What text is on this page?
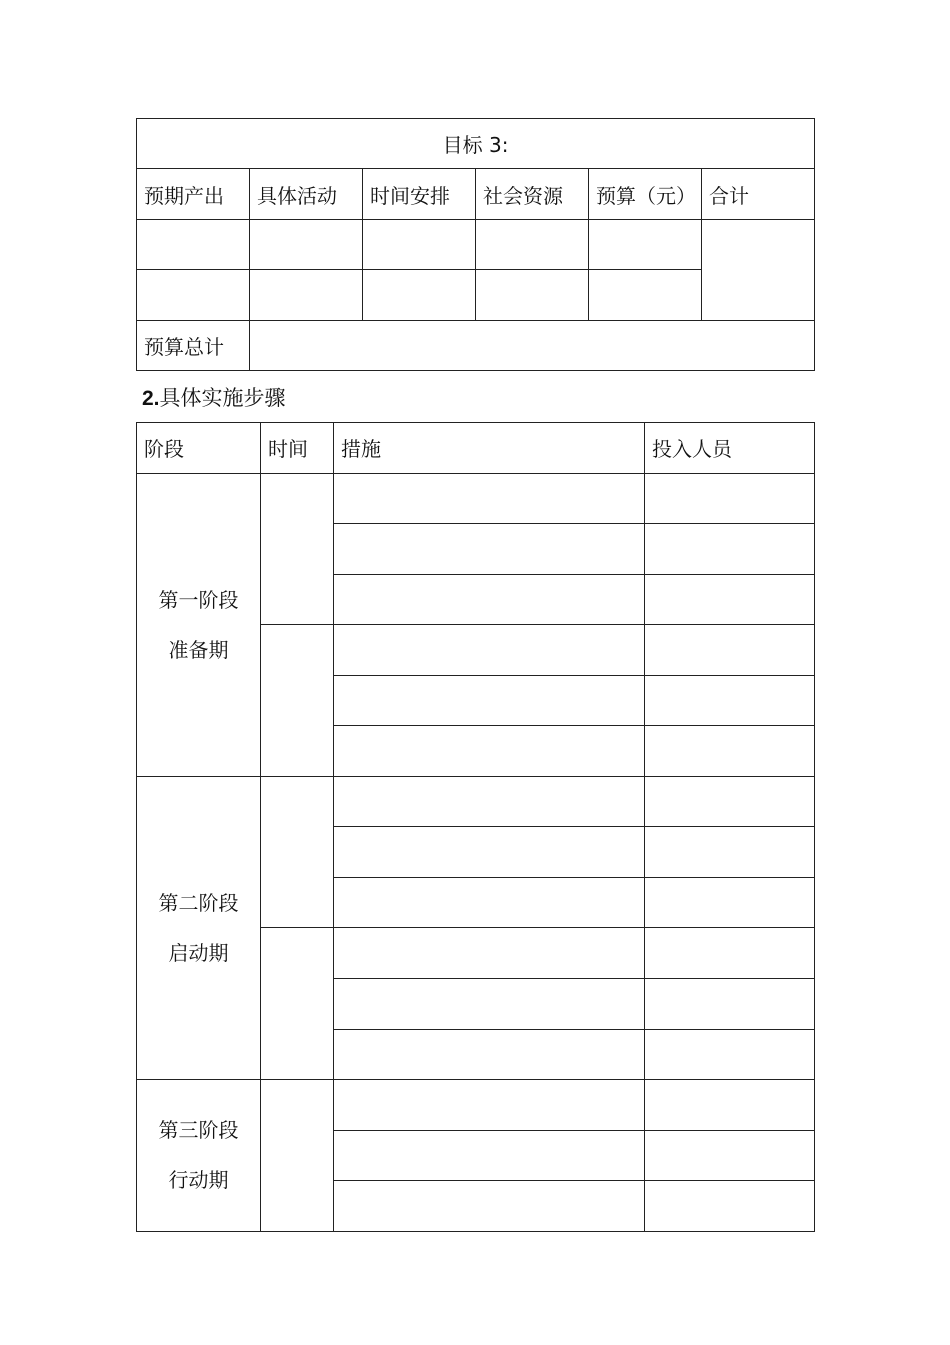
目标 3:					
预期产出	具体活动	时间安排	社会资源	预算（元）	合计

预算总计					
2.具体实施步骤
阶段	时间	措施	投入人员

第一阶段
准备期			

第二阶段
启动期			

第三阶段
行动期			
